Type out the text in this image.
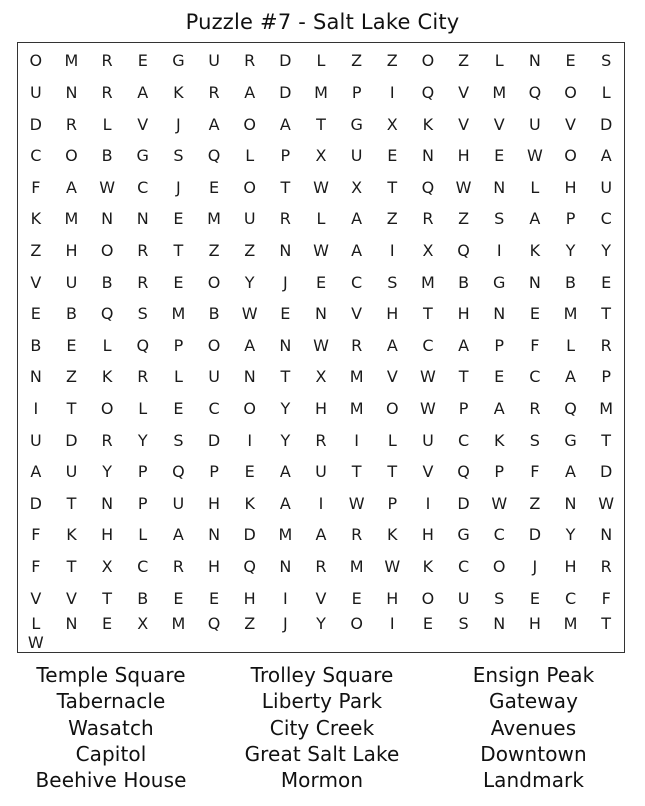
Puzzle #7 - Salt Lake City
O	M	R	E	G	U	R	D	L	Z	Z	O	Z	L	N	E	S
U	N	R	A	K	R	A	D	M	P	I	Q	V	M	Q	O	L
D	R	L	V	J	A	O	A	T	G	X	K	V	V	U	V	D
C	O	B	G	S	Q	L	P	X	U	E	N	H	E	W	O	A
F	A	W	C	J	E	O	T	W	X	T	Q	W	N	L	H	U
K	M	N	N	E	M	U	R	L	A	Z	R	Z	S	A	P	C
Z	H	O	R	T	Z	Z	N	W	A	I	X	Q	I	K	Y	Y
V	U	B	R	E	O	Y	J	E	C	S	M	B	G	N	B	E
E	B	Q	S	M	B	W	E	N	V	H	T	H	N	E	M	T
B	E	L	Q	P	O	A	N	W	R	A	C	A	P	F	L	R
N	Z	K	R	L	U	N	T	X	M	V	W	T	E	C	A	P
I	T	O	L	E	C	O	Y	H	M	O	W	P	A	R	Q	M
U	D	R	Y	S	D	I	Y	R	I	L	U	C	K	S	G	T
A	U	Y	P	Q	P	E	A	U	T	T	V	Q	P	F	A	D
D	T	N	P	U	H	K	A	I	W	P	I	D	W	Z	N	W
F	K	H	L	A	N	D	M	A	R	K	H	G	C	D	Y	N
F	T	X	C	R	H	Q	N	R	M	W	K	C	O	J	H	R
V	V	T	B	E	E	H	I	V	E	H	O	U	S	E	C	F
L	N	E	X	M	Q	Z	J	Y	O	I	E	S	N	H	M	T
W
Temple Square
Tabernacle
Wasatch
Capitol
Beehive House
Trolley Square
Liberty Park
City Creek
Great Salt Lake
Mormon
Ensign Peak
Gateway
Avenues
Downtown
Landmark
